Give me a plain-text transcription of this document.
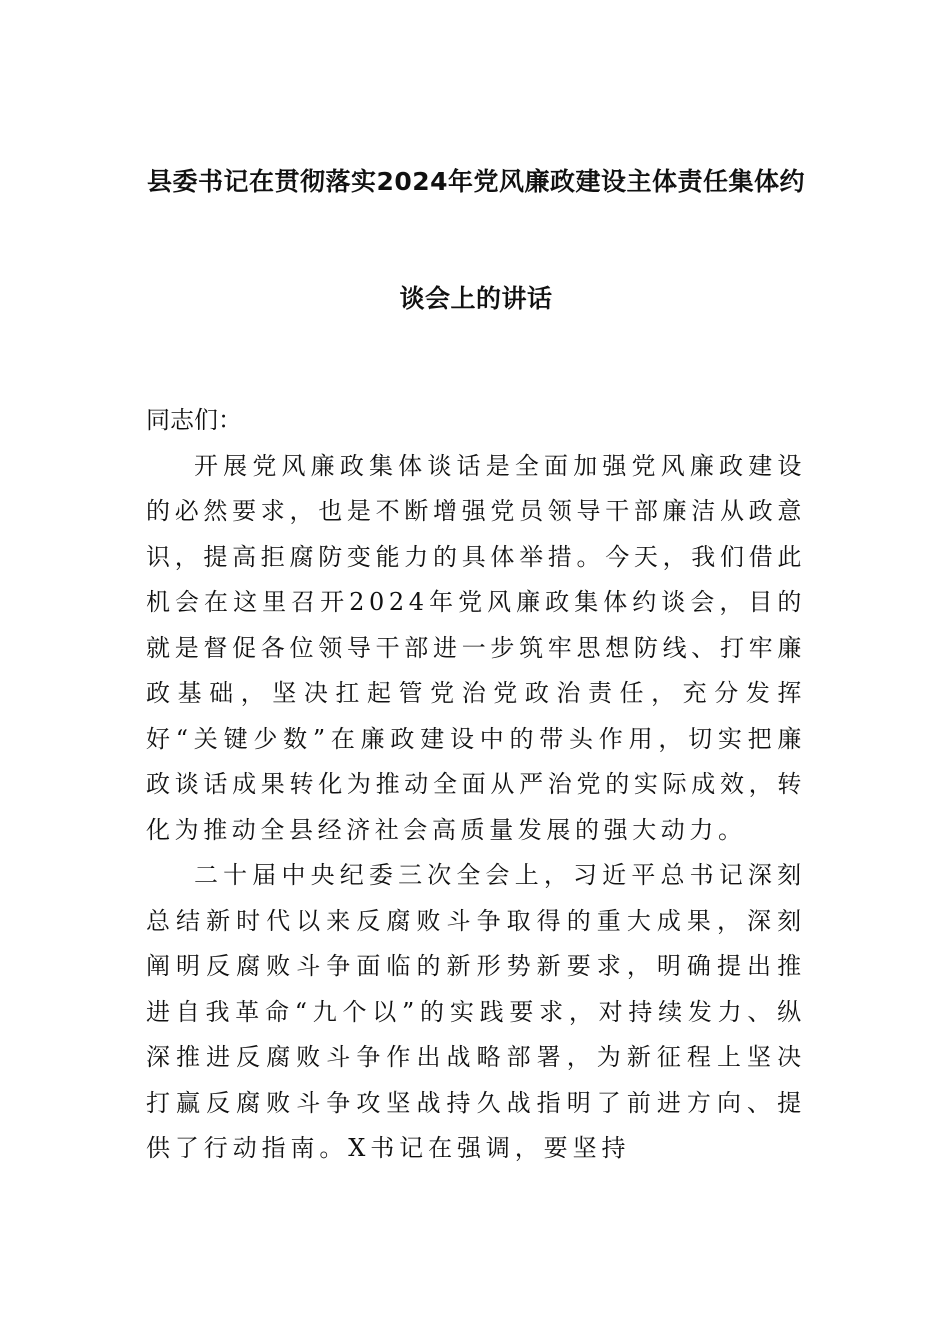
县委书记在贯彻落实2024年党风廉政建设主体责任集体约
谈会上的讲话

同志们：

开展党风廉政集体谈话是全面加强党风廉政建设的必然要求，也是不断增强党员领导干部廉洁从政意识，提高拒腐防变能力的具体举措。今天，我们借此机会在这里召开2024年党风廉政集体约谈会，目的就是督促各位领导干部进一步筑牢思想防线、打牢廉政基础，坚决扛起管党治党政治责任，充分发挥好“关键少数”在廉政建设中的带头作用，切实把廉政谈话成果转化为推动全面从严治党的实际成效，转化为推动全县经济社会高质量发展的强大动力。

二十届中央纪委三次全会上，习近平总书记深刻总结新时代以来反腐败斗争取得的重大成果，深刻阐明反腐败斗争面临的新形势新要求，明确提出推进自我革命“九个以”的实践要求，对持续发力、纵深推进反腐败斗争作出战略部署，为新征程上坚决打赢反腐败斗争攻坚战持久战指明了前进方向、提供了行动指南。X书记在强调，要坚持
